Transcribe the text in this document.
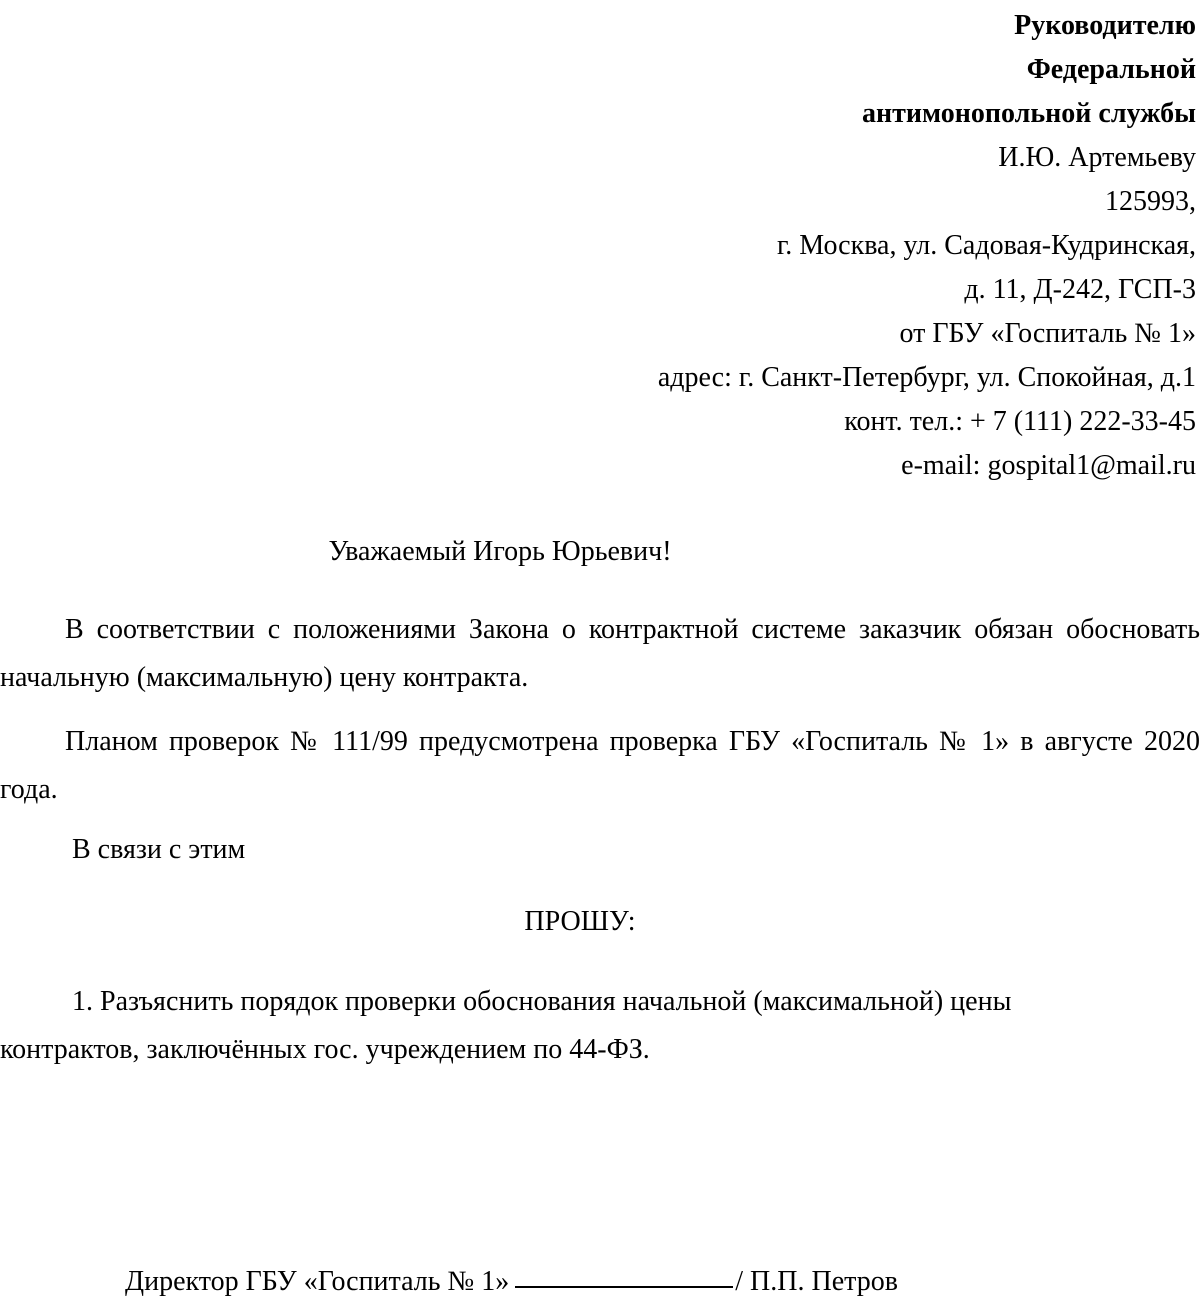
Руководителю
Федеральной
антимонопольной службы
И.Ю. Артемьеву
125993,
г. Москва, ул. Садовая-Кудринская,
д. 11, Д-242, ГСП-3
от ГБУ «Госпиталь № 1»
адрес: г. Санкт-Петербург, ул. Спокойная, д.1
конт. тел.: + 7 (111) 222-33-45
e-mail: gospital1@mail.ru
Уважаемый Игорь Юрьевич!
В соответствии с положениями Закона о контрактной системе заказчик обязан обосновать начальную (максимальную) цену контракта.
Планом проверок № 111/99 предусмотрена проверка ГБУ «Госпиталь № 1» в августе 2020 года.
В связи с этим
ПРОШУ:
1. Разъяснить порядок проверки обоснования начальной (максимальной) цены контрактов, заключённых гос. учреждением по 44-ФЗ.
Директор ГБУ «Госпиталь № 1»	/ П.П. Петров
